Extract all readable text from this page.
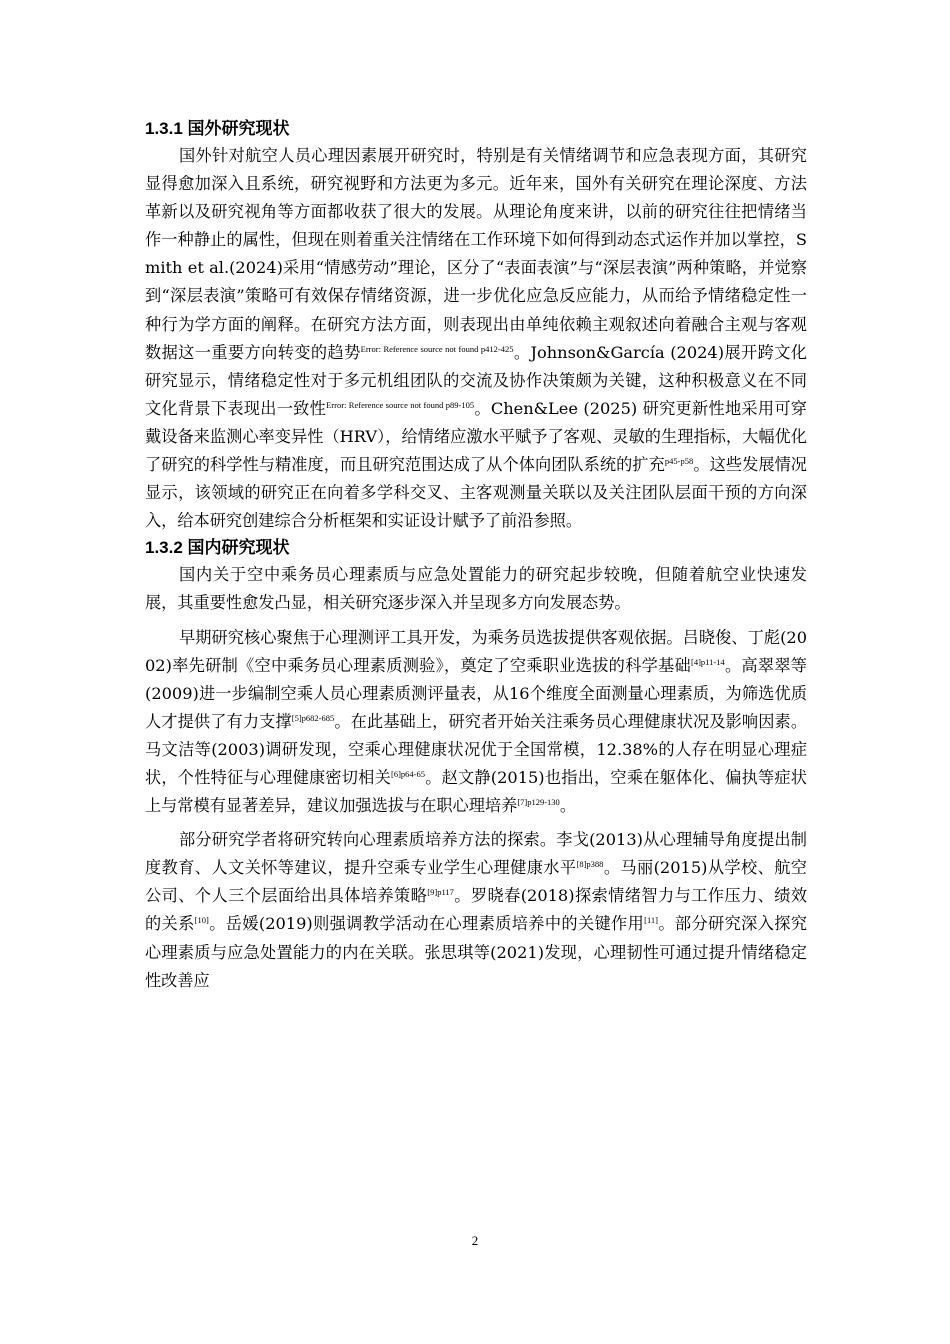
1.3.1 国外研究现状

国外针对航空人员心理因素展开研究时，特别是有关情绪调节和应急表现方面，其研究显得愈加深入且系统，研究视野和方法更为多元。近年来，国外有关研究在理论深度、方法革新以及研究视角等方面都收获了很大的发展。从理论角度来讲，以前的研究往往把情绪当作一种静止的属性，但现在则着重关注情绪在工作环境下如何得到动态式运作并加以掌控，Smith et al.(2024)采用“情感劳动”理论，区分了“表面表演”与“深层表演”两种策略，并觉察到“深层表演”策略可有效保存情绪资源，进一步优化应急反应能力，从而给予情绪稳定性一种行为学方面的阐释。在研究方法方面，则表现出由单纯依赖主观叙述向着融合主观与客观数据这一重要方向转变的趋势$^{Error: Reference source not found p412-425}$。Johnson&García (2024)展开跨文化研究显示，情绪稳定性对于多元机组团队的交流及协作决策颇为关键，这种积极意义在不同文化背景下表现出一致性$^{Error: Reference source not found p89-105}$。Chen&Lee (2025) 研究更新性地采用可穿戴设备来监测心率变异性（HRV），给情绪应激水平赋予了客观、灵敏的生理指标，大幅优化了研究的科学性与精准度，而且研究范围达成了从个体向团队系统的扩充$^{p45-p58}$。这些发展情况显示，该领域的研究正在向着多学科交叉、主客观测量关联以及关注团队层面干预的方向深入，给本研究创建综合分析框架和实证设计赋予了前沿参照。

1.3.2 国内研究现状

国内关于空中乘务员心理素质与应急处置能力的研究起步较晚，但随着航空业快速发展，其重要性愈发凸显，相关研究逐步深入并呈现多方向发展态势。

早期研究核心聚焦于心理测评工具开发，为乘务员选拔提供客观依据。吕晓俊、丁彪(2002)率先研制《空中乘务员心理素质测验》，奠定了空乘职业选拔的科学基础$^{[4]p11-14}$。高翠翠等(2009)进一步编制空乘人员心理素质测评量表，从16个维度全面测量心理素质，为筛选优质人才提供了有力支撑$^{[5]p682-685}$。在此基础上，研究者开始关注乘务员心理健康状况及影响因素。马文洁等(2003)调研发现，空乘心理健康状况优于全国常模，12.38%的人存在明显心理症状，个性特征与心理健康密切相关$^{[6]p64-65}$。赵文静(2015)也指出，空乘在躯体化、偏执等症状上与常模有显著差异，建议加强选拔与在职心理培养$^{[7]p129-130}$。

部分研究学者将研究转向心理素质培养方法的探索。李戈(2013)从心理辅导角度提出制度教育、人文关怀等建议，提升空乘专业学生心理健康水平$^{[8]p388}$。马丽(2015)从学校、航空公司、个人三个层面给出具体培养策略$^{[9]p117}$。罗晓春(2018)探索情绪智力与工作压力、绩效的关系[10]。岳媛(2019)则强调教学活动在心理素质培养中的关键作用[11]。部分研究深入探究心理素质与应急处置能力的内在关联。张思琪等(2021)发现，心理韧性可通过提升情绪稳定性改善应

2
